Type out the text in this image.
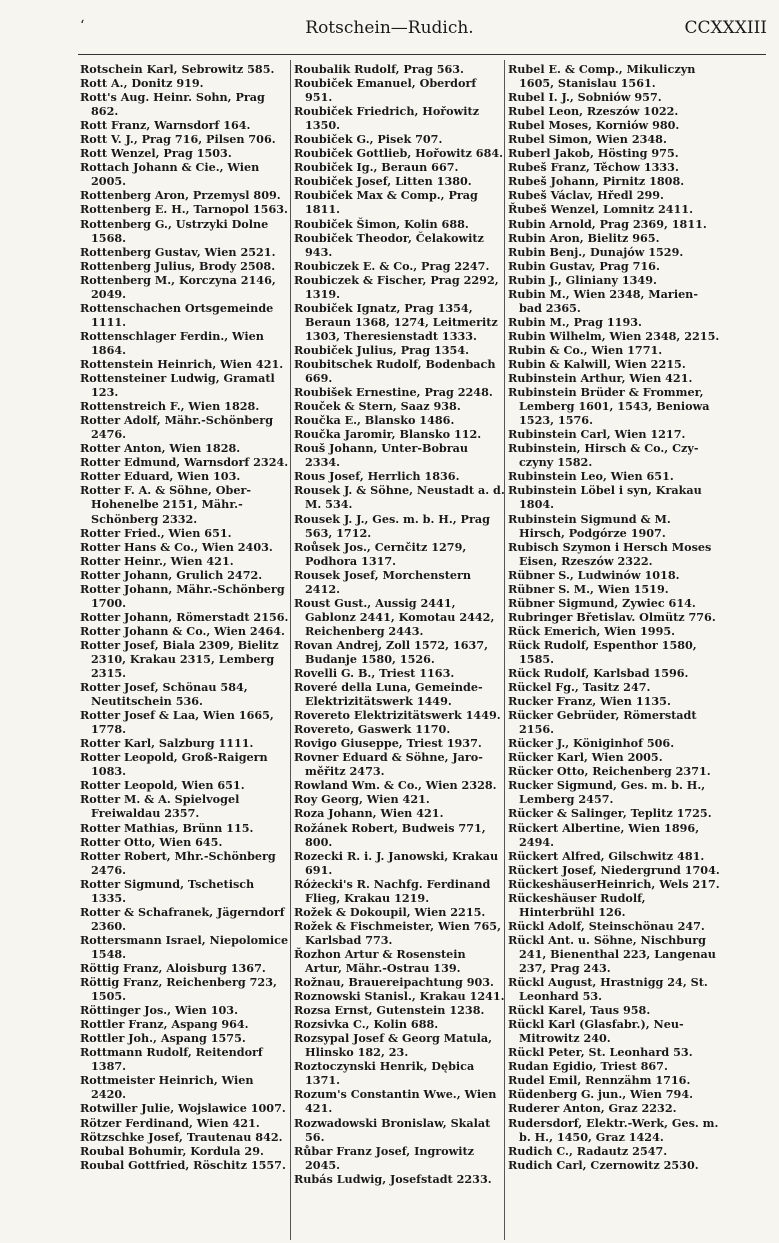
‘	Rotschein—Rudich.	CCXXXIII

Rotschein Karl, Sebrowitz 585.

Rott A., Donitz 919.

Rott's Aug. Heinr. Sohn, Prag 862.

Rott Franz, Warnsdorf 164.

Rott V. J., Prag 716, Pilsen 706.

Rott Wenzel, Prag 1503.

Rottach Johann & Cie., Wien 2005.

Rottenberg Aron, Przemysl 809.

Rottenberg E. H., Tarnopol 1563.

Rottenberg G., Ustrzyki Dolne 1568.

Rottenberg Gustav, Wien 2521.

Rottenberg Julius, Brody 2508.

Rottenberg M., Korczyna 2146, 2049.

Rottenschachen Ortsgemeinde 1111.

Rottenschlager Ferdin., Wien 1864.

Rottenstein Heinrich, Wien 421.

Rottensteiner Ludwig, Gramatl 123.

Rottenstreich F., Wien 1828.

Rotter Adolf, Mähr.-Schönberg 2476.

Rotter Anton, Wien 1828.

Rotter Edmund, Warnsdorf 2324.

Rotter Eduard, Wien 103.

Rotter F. A. & Söhne, Ober-Hohenelbe 2151, Mähr.-Schönberg 2332.

Rotter Fried., Wien 651.

Rotter Hans & Co., Wien 2403.

Rotter Heinr., Wien 421.

Rotter Johann, Grulich 2472.

Rotter Johann, Mähr.-Schönberg 1700.

Rotter Johann, Römerstadt 2156.

Rotter Johann & Co., Wien 2464.

Rotter Josef, Biala 2309, Bielitz 2310, Krakau 2315, Lemberg 2315.

Rotter Josef, Schönau 584, Neutitschein 536.

Rotter Josef & Laa, Wien 1665, 1778.

Rotter Karl, Salzburg 1111.

Rotter Leopold, Groß-Raigern 1083.

Rotter Leopold, Wien 651.

Rotter M. & A. Spielvogel Freiwaldau 2357.

Rotter Mathias, Brünn 115.

Rotter Otto, Wien 645.

Rotter Robert, Mhr.-Schönberg 2476.

Rotter Sigmund, Tschetisch 1335.

Rotter & Schafranek, Jägerndorf 2360.

Rottersmann Israel, Niepolomice 1548.

Röttig Franz, Aloisburg 1367.

Röttig Franz, Reichenberg 723, 1505.

Röttinger Jos., Wien 103.

Rottler Franz, Aspang 964.

Rottler Joh., Aspang 1575.

Rottmann Rudolf, Reitendorf 1387.

Rottmeister Heinrich, Wien 2420.

Rotwiller Julie, Wojslawice 1007.

Rötzer Ferdinand, Wien 421.

Rötzschke Josef, Trautenau 842.

Roubal Bohumir, Kordula 29.

Roubal Gottfried, Röschitz 1557.

Roubalik Rudolf, Prag 563.

Roubiček Emanuel, Oberdorf 951.

Roubiček Friedrich, Hořowitz 1350.

Roubiček G., Pisek 707.

Roubiček Gottlieb, Hořowitz 684.

Roubiček Ig., Beraun 667.

Roubiček Josef, Litten 1380.

Roubiček Max & Comp., Prag 1811.

Roubiček Šimon, Kolin 688.

Roubiček Theodor, Čelakowitz 943.

Roubiczek E. & Co., Prag 2247.

Roubiczek & Fischer, Prag 2292, 1319.

Roubiček Ignatz, Prag 1354, Beraun 1368, 1274, Leitmeritz 1303, Theresienstadt 1333.

Roubiček Julius, Prag 1354.

Roubitschek Rudolf, Bodenbach 669.

Roubišek Ernestine, Prag 2248.

Rouček & Stern, Saaz 938.

Roučka E., Blansko 1486.

Roučka Jaromir, Blansko 112.

Rouš Johann, Unter-Bobrau 2334.

Rous Josef, Herrlich 1836.

Rousek J. & Söhne, Neustadt a. d. M. 534.

Rousek J. J., Ges. m. b. H., Prag 563, 1712.

Roůsek Jos., Cernčitz 1279, Podhora 1317.

Rousek Josef, Morchenstern 2412.

Roust Gust., Aussig 2441, Gablonz 2441, Komotau 2442, Reichenberg 2443.

Rovan Andrej, Zoll 1572, 1637, Budanje 1580, 1526.

Rovelli G. B., Triest 1163.

Roveré della Luna, Gemeinde-Elektrizitätswerk 1449.

Rovereto Elektrizitätswerk 1449.

Rovereto, Gaswerk 1170.

Rovigo Giuseppe, Triest 1937.

Rovner Eduard & Söhne, Jaro-měřitz 2473.

Rowland Wm. & Co., Wien 2328.

Roy Georg, Wien 421.

Roza Johann, Wien 421.

Rožánek Robert, Budweis 771, 800.

Rozecki R. i. J. Janowski, Krakau 691.

Różecki's R. Nachfg. Ferdinand Flieg, Krakau 1219.

Rožek & Dokoupil, Wien 2215.

Rožek & Fischmeister, Wien 765, Karlsbad 773.

Řozhon Artur & Rosenstein Artur, Mähr.-Ostrau 139.

Rožnau, Brauereipachtung 903.

Roznowski Stanisl., Krakau 1241.

Rozsa Ernst, Gutenstein 1238.

Rozsivka C., Kolin 688.

Rozsypal Josef & Georg Matula, Hlinsko 182, 23.

Roztoczynski Henrik, Dębica 1371.

Rozum's Constantin Wwe., Wien 421.

Rozwadowski Bronislaw, Skalat 56.

Růbar Franz Josef, Ingrowitz 2045.

Rubás Ludwig, Josefstadt 2233.

Rubel E. & Comp., Mikuliczyn 1605, Stanislau 1561.

Rubel I. J., Sobniów 957.

Rubel Leon, Rzeszów 1022.

Rubel Moses, Korniów 980.

Rubel Simon, Wien 2348.

Ruberl Jakob, Hösting 975.

Rubeš Franz, Těchow 1333.

Rubeš Johann, Pirnitz 1808.

Rubeš Václav, Hředl 299.

Řubeš Wenzel, Lomnitz 2411.

Rubin Arnold, Prag 2369, 1811.

Rubin Aron, Bielitz 965.

Rubin Benj., Dunajów 1529.

Rubin Gustav, Prag 716.

Rubin J., Gliniany 1349.

Rubin M., Wien 2348, Marien-bad 2365.

Rubin M., Prag 1193.

Rubin Wilhelm, Wien 2348, 2215.

Rubin & Co., Wien 1771.

Rubin & Kalwill, Wien 2215.

Rubinstein Arthur, Wien 421.

Rubinstein Brüder & Frommer, Lemberg 1601, 1543, Beniowa 1523, 1576.

Rubinstein Carl, Wien 1217.

Rubinstein, Hirsch & Co., Czy-czyny 1582.

Rubinstein Leo, Wien 651.

Rubinstein Löbel i syn, Krakau 1804.

Rubinstein Sigmund & M. Hirsch, Podgórze 1907.

Rubisch Szymon i Hersch Moses Eisen, Rzeszów 2322.

Rübner S., Ludwinów 1018.

Rübner S. M., Wien 1519.

Rübner Sigmund, Zywiec 614.

Rubringer Břetislav. Olmütz 776.

Rück Emerich, Wien 1995.

Rück Rudolf, Espenthor 1580, 1585.

Rück Rudolf, Karlsbad 1596.

Rückel Fg., Tasitz 247.

Rucker Franz, Wien 1135.

Rücker Gebrüder, Römerstadt 2156.

Rücker J., Königinhof 506.

Rücker Karl, Wien 2005.

Rücker Otto, Reichenberg 2371.

Rucker Sigmund, Ges. m. b. H., Lemberg 2457.

Rücker & Salinger, Teplitz 1725.

Rückert Albertine, Wien 1896, 2494.

Rückert Alfred, Gilschwitz 481.

Rückert Josef, Niedergrund 1704.

RückeshäuserHeinrich, Wels 217.

Rückeshäuser Rudolf, Hinterbrühl 126.

Rückl Adolf, Steinschönau 247.

Rückl Ant. u. Söhne, Nischburg 241, Bienenthal 223, Langenau 237, Prag 243.

Rückl August, Hrastnigg 24, St. Leonhard 53.

Rückl Karel, Taus 958.

Rückl Karl (Glasfabr.), Neu-Mitrowitz 240.

Rückl Peter, St. Leonhard 53.

Rudan Egidio, Triest 867.

Rudel Emil, Rennzähm 1716.

Rüdenberg G. jun., Wien 794.

Ruderer Anton, Graz 2232.

Rudersdorf, Elektr.-Werk, Ges. m. b. H., 1450, Graz 1424.

Rudich C., Radautz 2547.

Rudich Carl, Czernowitz 2530.
